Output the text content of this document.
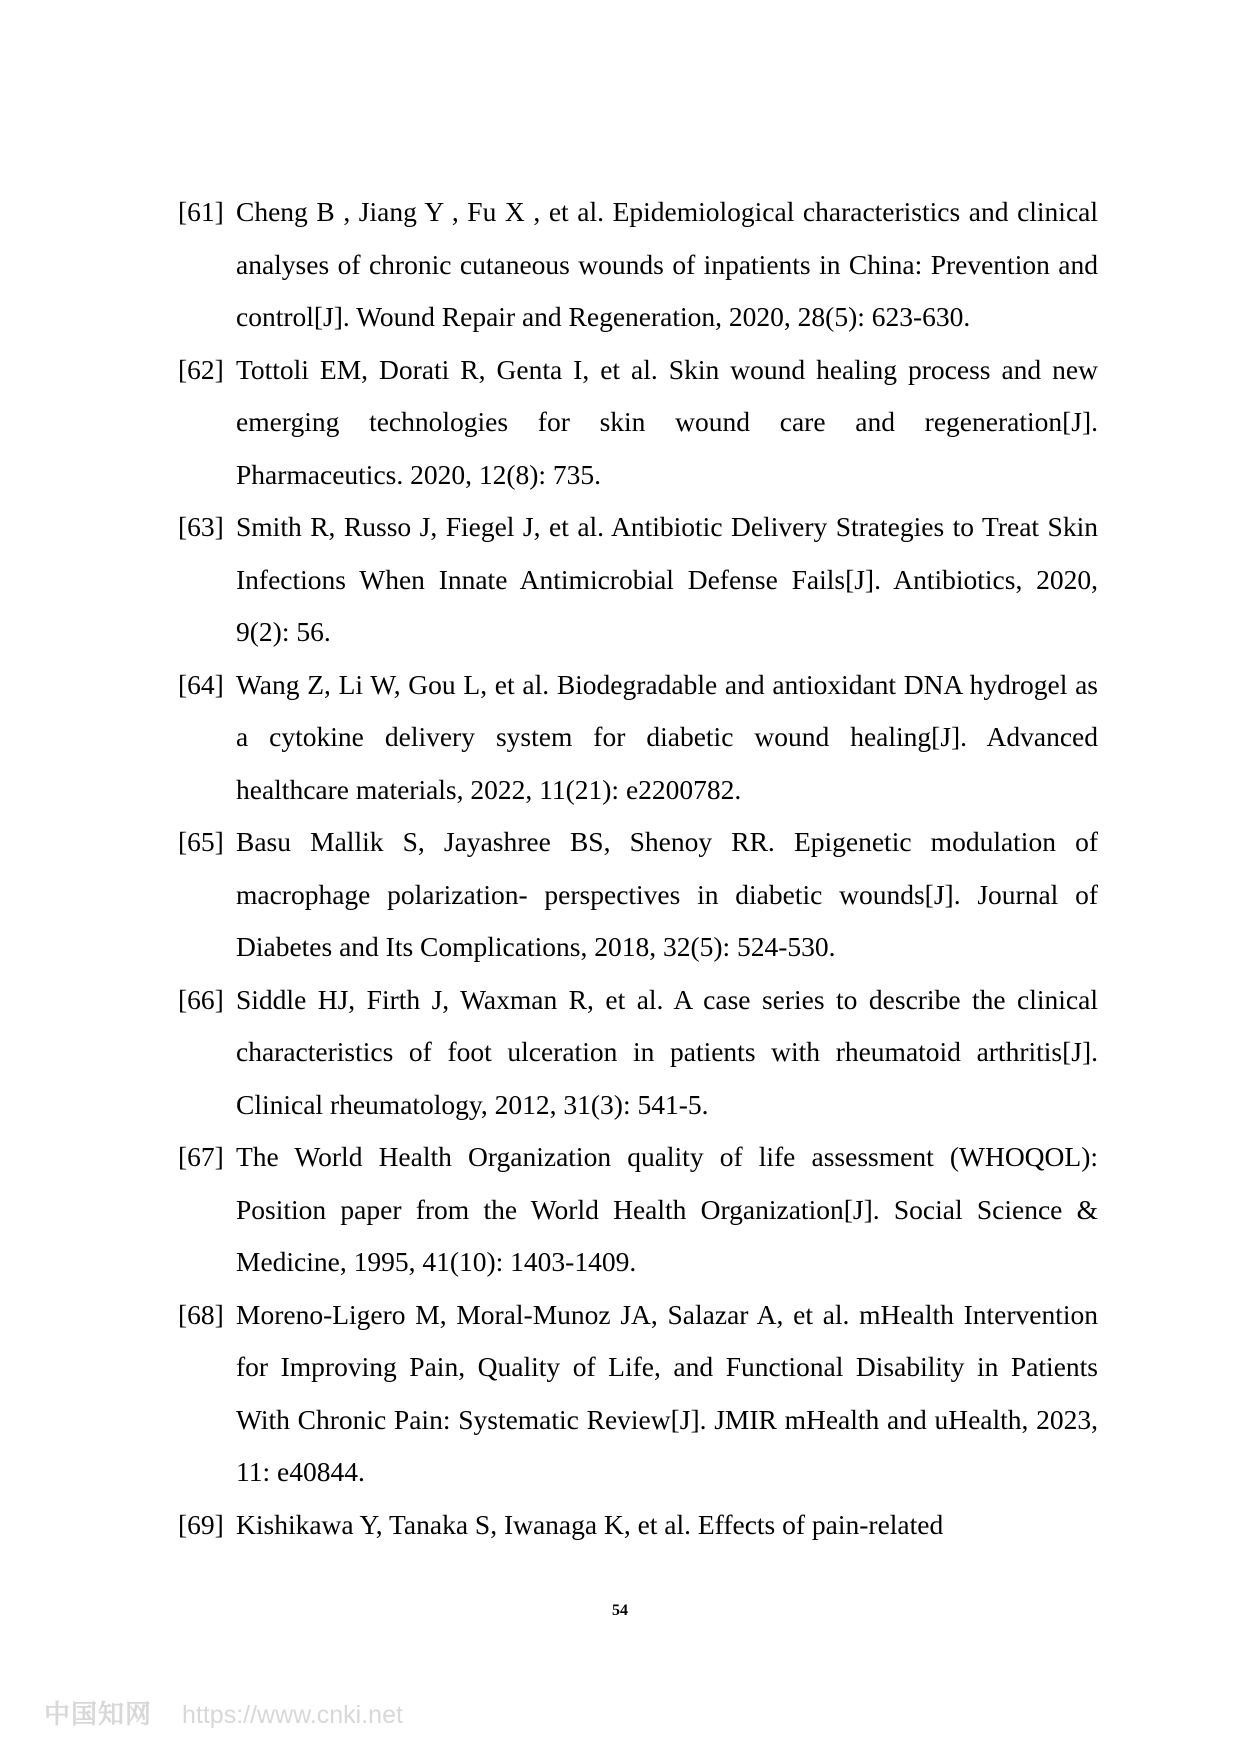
[61] Cheng B , Jiang Y , Fu X , et al. Epidemiological characteristics and clinical analyses of chronic cutaneous wounds of inpatients in China: Prevention and control[J]. Wound Repair and Regeneration, 2020, 28(5): 623-630.
[62] Tottoli EM, Dorati R, Genta I, et al. Skin wound healing process and new emerging technologies for skin wound care and regeneration[J]. Pharmaceutics. 2020, 12(8): 735.
[63] Smith R, Russo J, Fiegel J, et al. Antibiotic Delivery Strategies to Treat Skin Infections When Innate Antimicrobial Defense Fails[J]. Antibiotics, 2020, 9(2): 56.
[64] Wang Z, Li W, Gou L, et al. Biodegradable and antioxidant DNA hydrogel as a cytokine delivery system for diabetic wound healing[J]. Advanced healthcare materials, 2022, 11(21): e2200782.
[65] Basu Mallik S, Jayashree BS, Shenoy RR. Epigenetic modulation of macrophage polarization- perspectives in diabetic wounds[J]. Journal of Diabetes and Its Complications, 2018, 32(5): 524-530.
[66] Siddle HJ, Firth J, Waxman R, et al. A case series to describe the clinical characteristics of foot ulceration in patients with rheumatoid arthritis[J]. Clinical rheumatology, 2012, 31(3): 541-5.
[67] The World Health Organization quality of life assessment (WHOQOL): Position paper from the World Health Organization[J]. Social Science & Medicine, 1995, 41(10): 1403-1409.
[68] Moreno-Ligero M, Moral-Munoz JA, Salazar A, et al. mHealth Intervention for Improving Pain, Quality of Life, and Functional Disability in Patients With Chronic Pain: Systematic Review[J]. JMIR mHealth and uHealth, 2023, 11: e40844.
[69] Kishikawa Y, Tanaka S, Iwanaga K, et al. Effects of pain-related
54
中国知网 https://www.cnki.net
